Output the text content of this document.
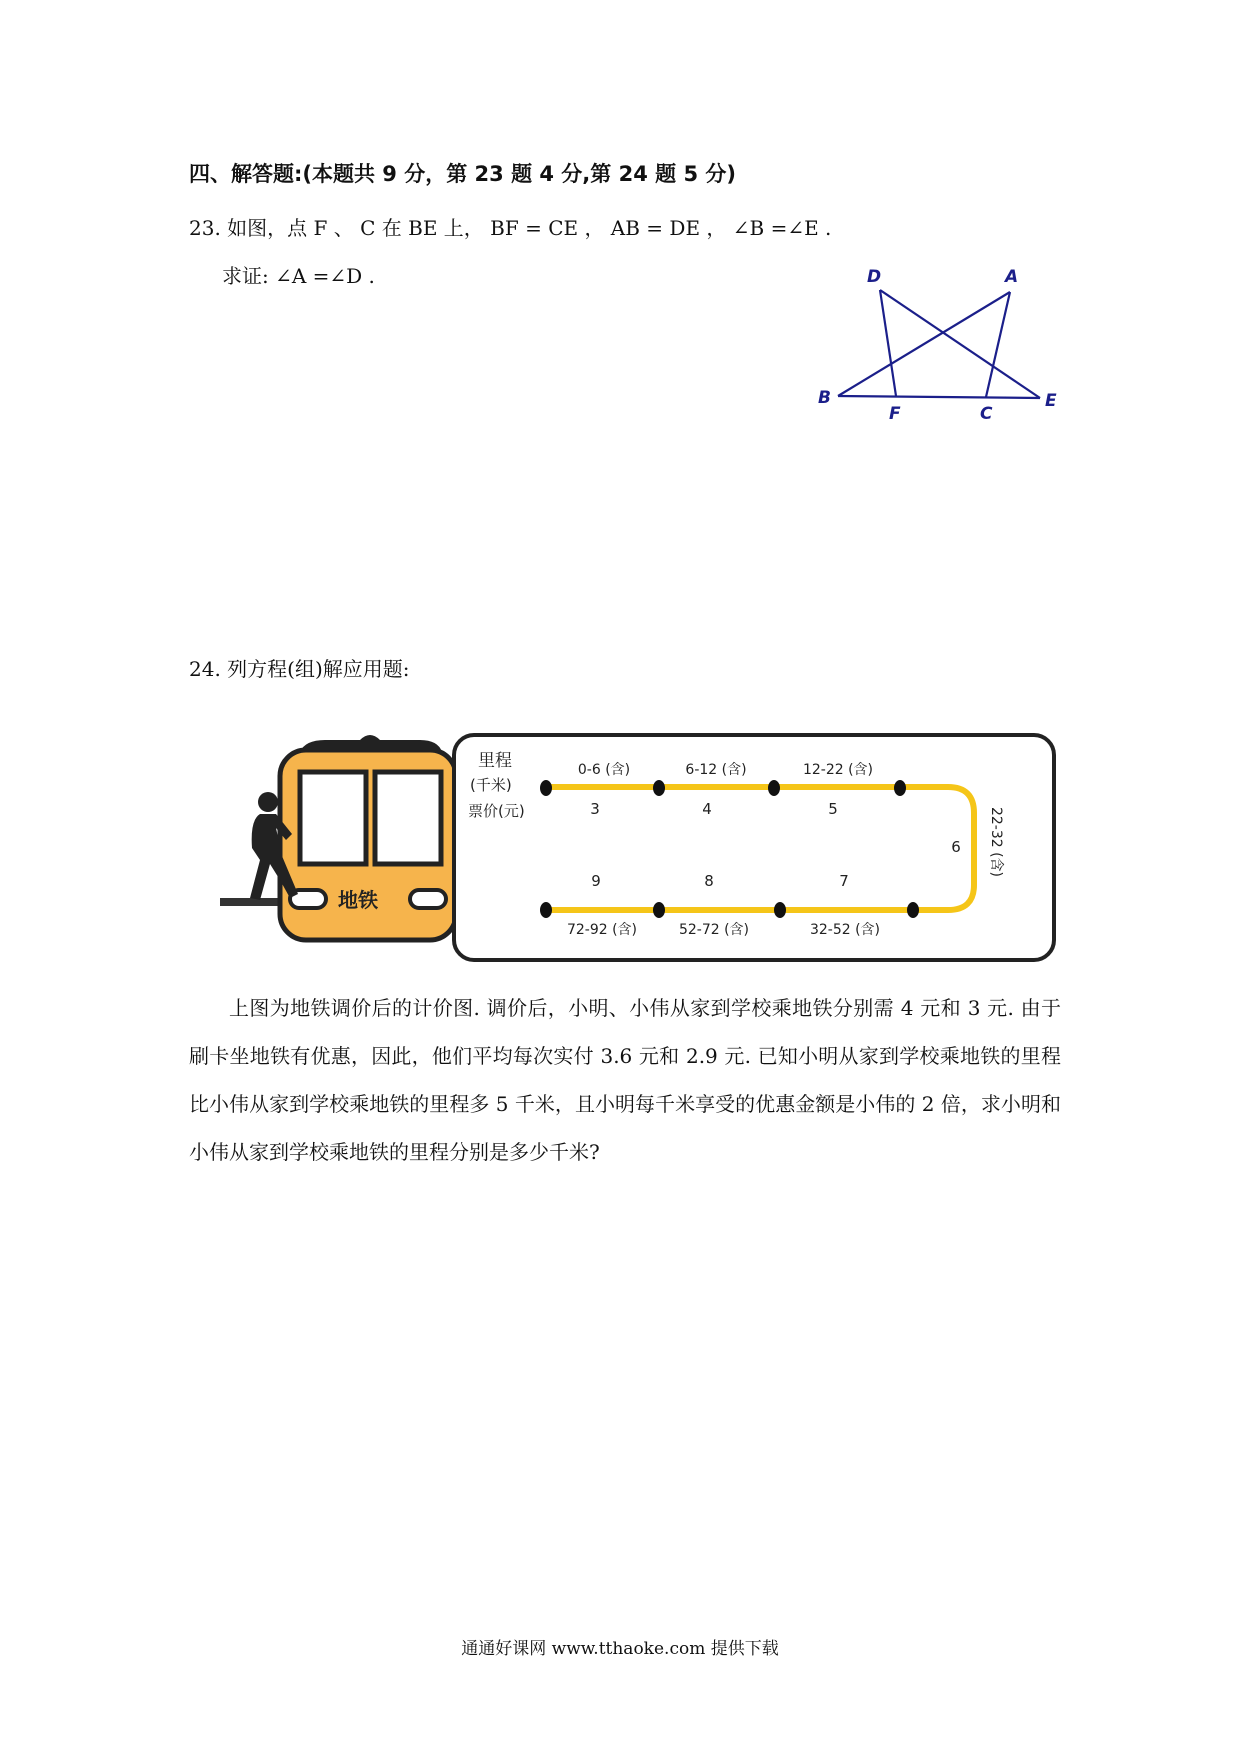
四、解答题:(本题共 9 分，第 23 题 4 分,第 24 题 5 分)
23. 如图，点 F 、 C 在 BE 上， BF = CE ， AB = DE ， ∠B =∠E .
求证: ∠A =∠D .	D	A
B
F	C
E
24. 列方程(组)解应用题:
地铁
里程
(千米)
票价(元)
0-6 (含)	6-12 (含)	12-22 (含)
3	4	5
6 22-32 (含)
9	8	7
72-92 (含)	52-72 (含)	32-52 (含)
上图为地铁调价后的计价图. 调价后，小明、小伟从家到学校乘地铁分别需 4 元和 3 元. 由于刷卡坐地铁有优惠，因此，他们平均每次实付 3.6 元和 2.9 元. 已知小明从家到学校乘地铁的里程比小伟从家到学校乘地铁的里程多 5 千米，且小明每千米享受的优惠金额是小伟的 2 倍，求小明和小伟从家到学校乘地铁的里程分别是多少千米?
通通好课网 www.tthaoke.com 提供下载
